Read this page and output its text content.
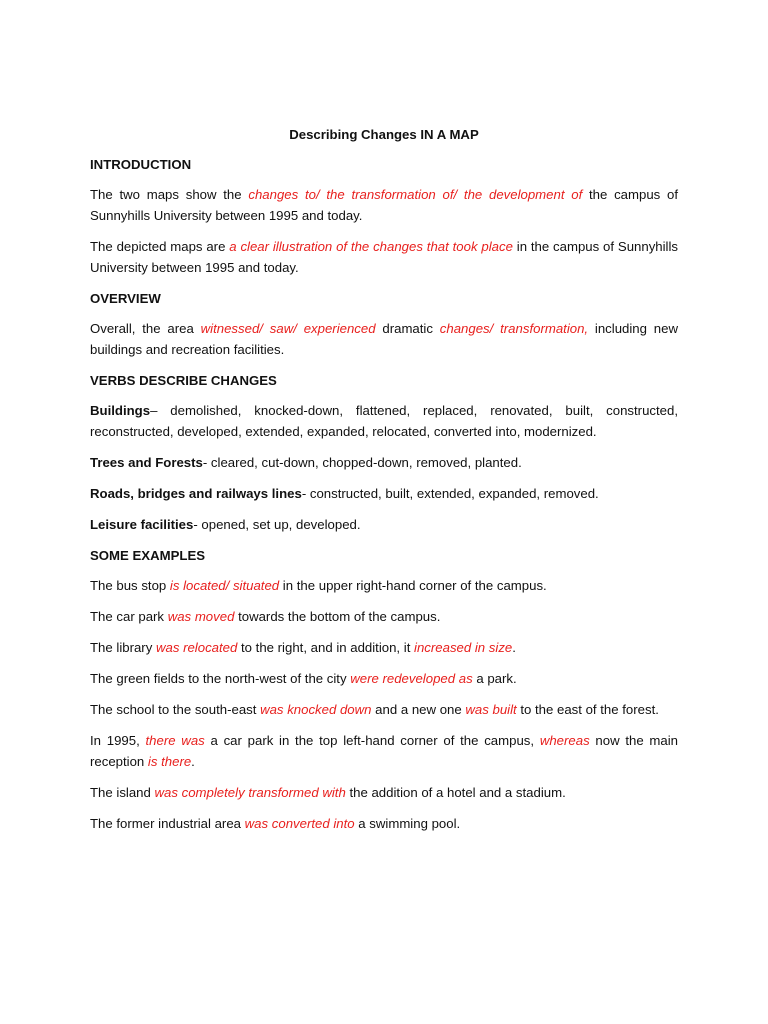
Describing Changes IN A MAP
INTRODUCTION
The two maps show the changes to/ the transformation of/ the development of the campus of Sunnyhills University between 1995 and today.
The depicted maps are a clear illustration of the changes that took place in the campus of Sunnyhills University between 1995 and today.
OVERVIEW
Overall, the area witnessed/ saw/ experienced dramatic changes/ transformation, including new buildings and recreation facilities.
VERBS DESCRIBE CHANGES
Buildings– demolished, knocked-down, flattened, replaced, renovated, built, constructed, reconstructed, developed, extended, expanded, relocated, converted into, modernized.
Trees and Forests- cleared, cut-down, chopped-down, removed, planted.
Roads, bridges and railways lines- constructed, built, extended, expanded, removed.
Leisure facilities- opened, set up, developed.
SOME EXAMPLES
The bus stop is located/ situated in the upper right-hand corner of the campus.
The car park was moved towards the bottom of the campus.
The library was relocated to the right, and in addition, it increased in size.
The green fields to the north-west of the city were redeveloped as a park.
The school to the south-east was knocked down and a new one was built to the east of the forest.
In 1995, there was a car park in the top left-hand corner of the campus, whereas now the main reception is there.
The island was completely transformed with the addition of a hotel and a stadium.
The former industrial area was converted into a swimming pool.
